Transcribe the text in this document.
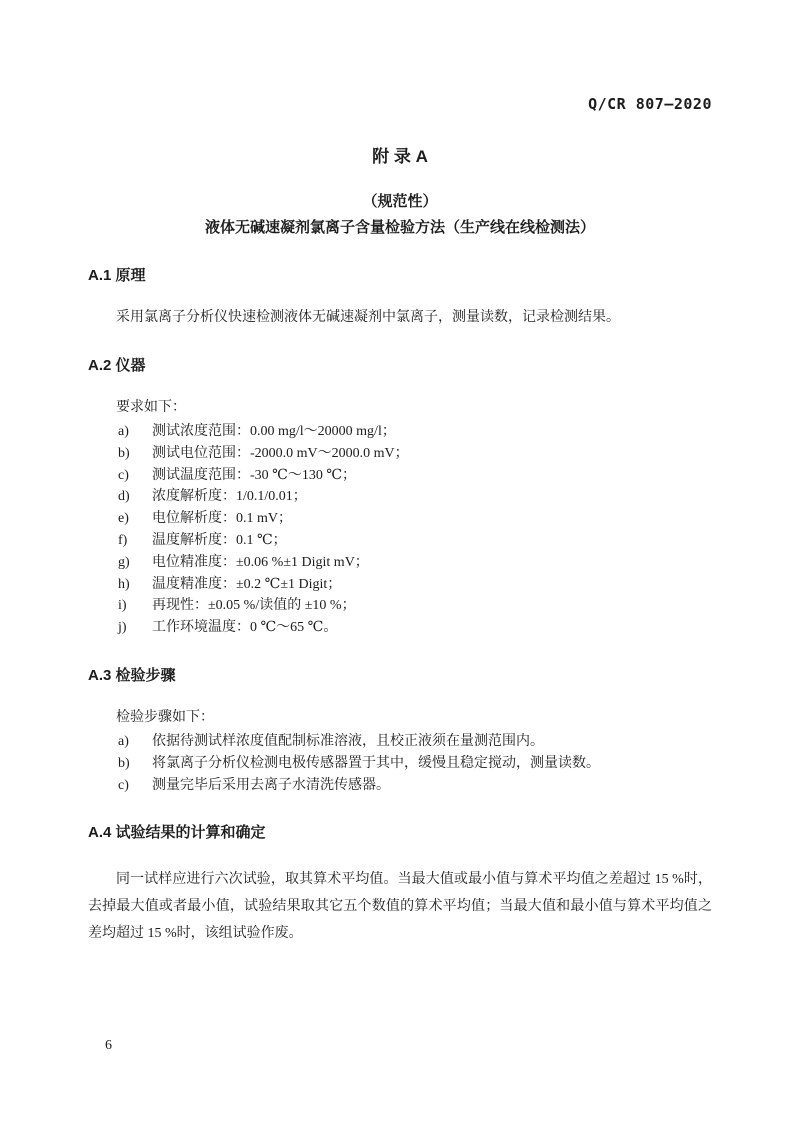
Q/CR 807—2020
附 录 A
（规范性）
液体无碱速凝剂氯离子含量检验方法（生产线在线检测法）
A.1 原理

采用氯离子分析仪快速检测液体无碱速凝剂中氯离子，测量读数，记录检测结果。

A.2 仪器

要求如下：

a)	测试浓度范围：0.00 mg/l～20000 mg/l；
b)	测试电位范围：-2000.0 mV～2000.0 mV；
c)	测试温度范围：-30 ℃～130 ℃；
d)	浓度解析度：1/0.1/0.01；
e)	电位解析度：0.1 mV；
f)	温度解析度：0.1 ℃；
g)	电位精准度：±0.06 %±1 Digit mV；
h)	温度精准度：±0.2 ℃±1 Digit；
i)	再现性：±0.05 %/读值的 ±10 %；
j)	工作环境温度：0 ℃～65 ℃。
A.3 检验步骤

检验步骤如下：

a)	依据待测试样浓度值配制标准溶液，且校正液须在量测范围内。
b)	将氯离子分析仪检测电极传感器置于其中，缓慢且稳定搅动，测量读数。
c)	测量完毕后采用去离子水清洗传感器。
A.4 试验结果的计算和确定

同一试样应进行六次试验，取其算术平均值。当最大值或最小值与算术平均值之差超过 15 %时，去掉最大值或者最小值，试验结果取其它五个数值的算术平均值；当最大值和最小值与算术平均值之差均超过 15 %时，该组试验作废。

6
